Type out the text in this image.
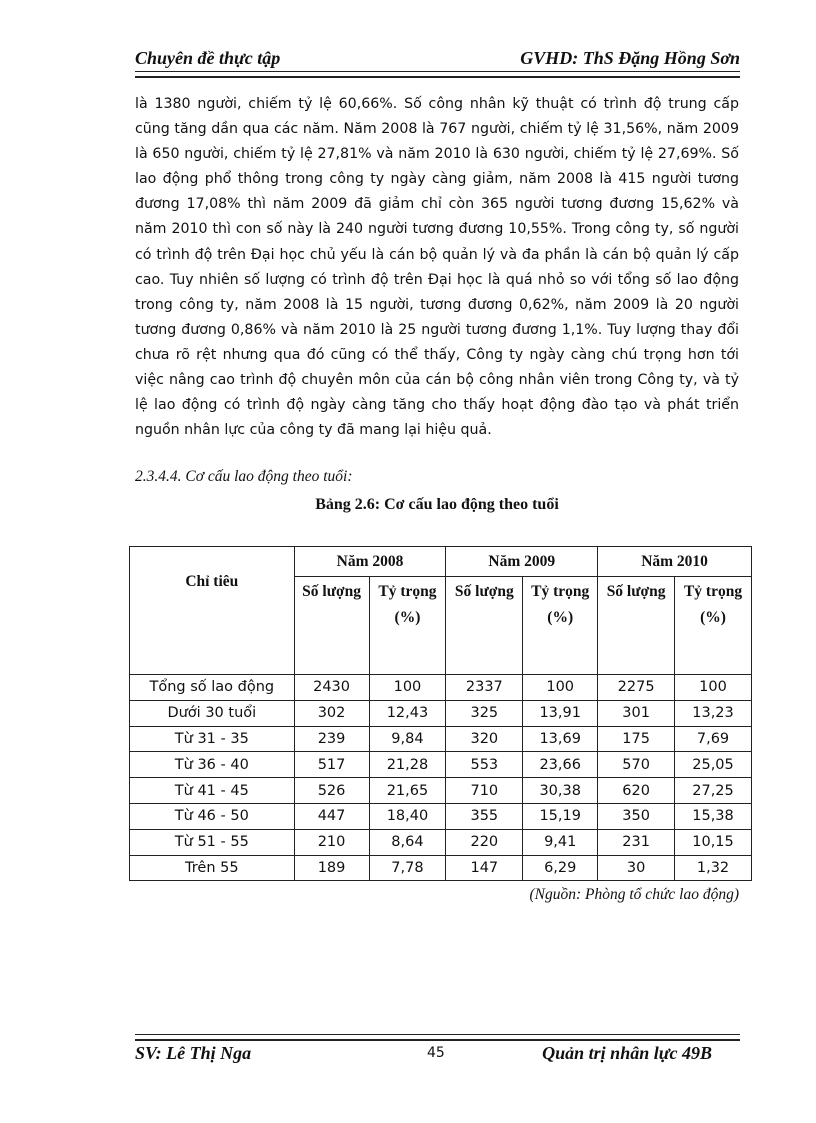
Chuyên đề thực tập	GVHD: ThS Đặng Hồng Sơn

là 1380 người, chiếm tỷ lệ 60,66%. Số công nhân kỹ thuật có trình độ trung cấp cũng tăng dần qua các năm. Năm 2008 là 767 người, chiếm tỷ lệ 31,56%, năm 2009 là 650 người, chiếm tỷ lệ 27,81% và năm 2010 là 630 người, chiếm tỷ lệ 27,69%. Số lao động phổ thông trong công ty ngày càng giảm, năm 2008 là 415 người tương đương 17,08% thì năm 2009 đã giảm chỉ còn 365 người tương đương 15,62% và năm 2010 thì con số này là 240 người tương đương 10,55%. Trong công ty, số người có trình độ trên Đại học chủ yếu là cán bộ quản lý và đa phần là cán bộ quản lý cấp cao. Tuy nhiên số lượng có trình độ trên Đại học là quá nhỏ so với tổng số lao động trong công ty, năm 2008 là 15 người, tương đương 0,62%, năm 2009 là 20 người tương đương 0,86% và năm 2010 là 25 người tương đương 1,1%. Tuy lượng thay đổi chưa rõ rệt nhưng qua đó cũng có thể thấy, Công ty ngày càng chú trọng hơn tới việc nâng cao trình độ chuyên môn của cán bộ công nhân viên trong Công ty, và tỷ lệ lao động có trình độ ngày càng tăng cho thấy hoạt động đào tạo và phát triển nguồn nhân lực của công ty đã mang lại hiệu quả.

2.3.4.4. Cơ cấu lao động theo tuổi:
Bảng 2.6: Cơ cấu lao động theo tuổi
Chỉ tiêu	Năm 2008		Năm 2009		Năm 2010	
	Số lượng	Tỷ trọng (%)	Số lượng	Tỷ trọng (%)	Số lượng	Tỷ trọng (%)
Tổng số lao động	2430	100	2337	100	2275	100
Dưới 30 tuổi	302	12,43	325	13,91	301	13,23
Từ 31 - 35	239	9,84	320	13,69	175	7,69
Từ 36 - 40	517	21,28	553	23,66	570	25,05
Từ 41 - 45	526	21,65	710	30,38	620	27,25
Từ 46 - 50	447	18,40	355	15,19	350	15,38
Từ 51 - 55	210	8,64	220	9,41	231	10,15
Trên 55	189	7,78	147	6,29	30	1,32
(Nguồn: Phòng tổ chức lao động)
SV: Lê Thị Nga	45	Quản trị nhân lực 49B
